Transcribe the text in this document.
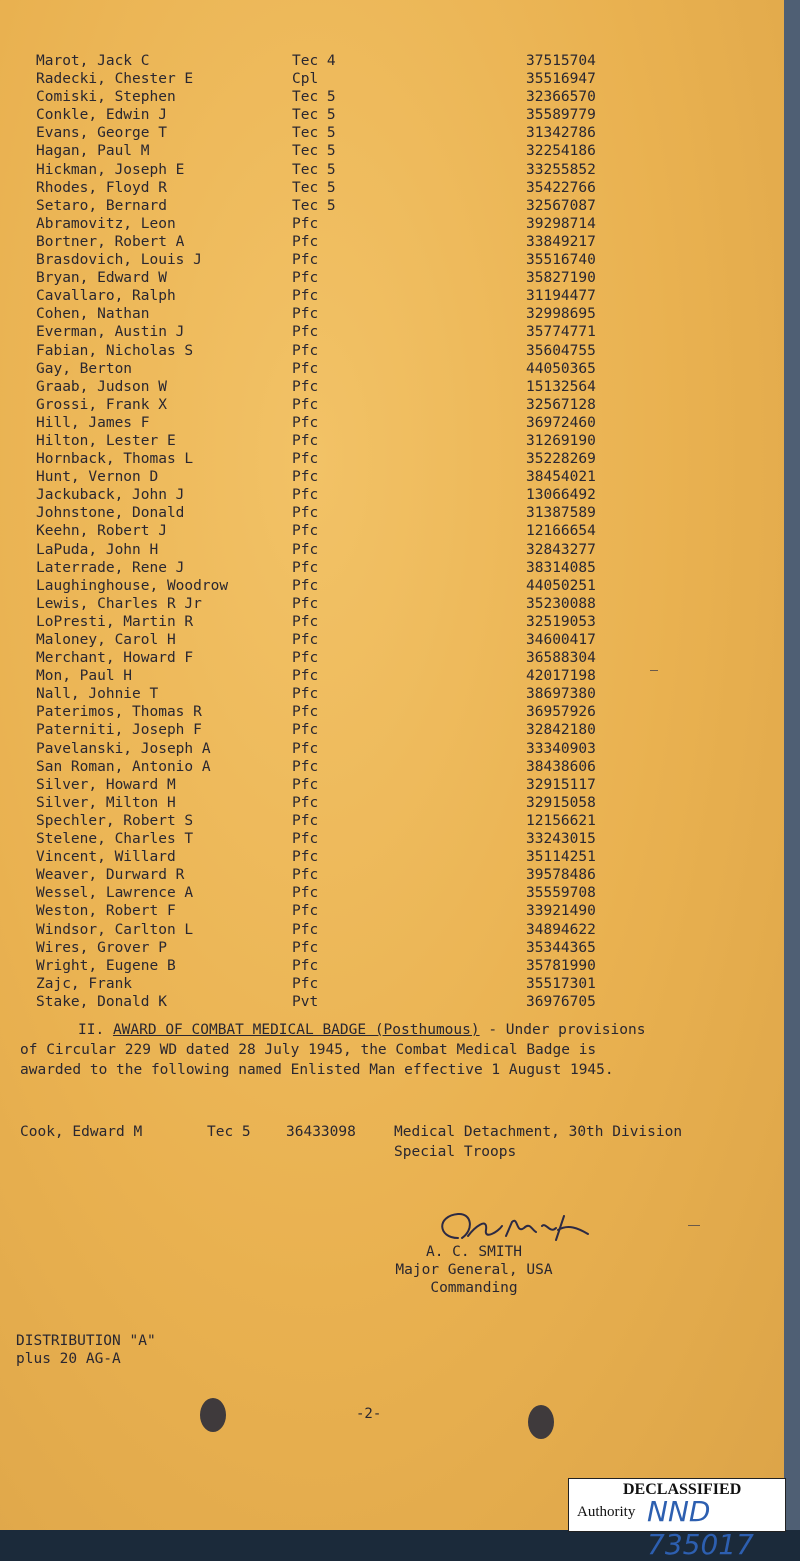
Marot, Jack C	Tec 4	37515704
Radecki, Chester E	Cpl	35516947
Comiski, Stephen	Tec 5	32366570
Conkle, Edwin J	Tec 5	35589779
Evans, George T	Tec 5	31342786
Hagan, Paul M	Tec 5	32254186
Hickman, Joseph E	Tec 5	33255852
Rhodes, Floyd R	Tec 5	35422766
Setaro, Bernard	Tec 5	32567087
Abramovitz, Leon	Pfc	39298714
Bortner, Robert A	Pfc	33849217
Brasdovich, Louis J	Pfc	35516740
Bryan, Edward W	Pfc	35827190
Cavallaro, Ralph	Pfc	31194477
Cohen, Nathan	Pfc	32998695
Everman, Austin J	Pfc	35774771
Fabian, Nicholas S	Pfc	35604755
Gay, Berton	Pfc	44050365
Graab, Judson W	Pfc	15132564
Grossi, Frank X	Pfc	32567128
Hill, James F	Pfc	36972460
Hilton, Lester E	Pfc	31269190
Hornback, Thomas L	Pfc	35228269
Hunt, Vernon D	Pfc	38454021
Jackuback, John J	Pfc	13066492
Johnstone, Donald	Pfc	31387589
Keehn, Robert J	Pfc	12166654
LaPuda, John H	Pfc	32843277
Laterrade, Rene J	Pfc	38314085
Laughinghouse, Woodrow	Pfc	44050251
Lewis, Charles R Jr	Pfc	35230088
LoPresti, Martin R	Pfc	32519053
Maloney, Carol H	Pfc	34600417
Merchant, Howard F	Pfc	36588304
Mon, Paul H	Pfc	42017198
Nall, Johnie T	Pfc	38697380
Paterimos, Thomas R	Pfc	36957926
Paterniti, Joseph F	Pfc	32842180
Pavelanski, Joseph A	Pfc	33340903
San Roman, Antonio A	Pfc	38438606
Silver, Howard M	Pfc	32915117
Silver, Milton H	Pfc	32915058
Spechler, Robert S	Pfc	12156621
Stelene, Charles T	Pfc	33243015
Vincent, Willard	Pfc	35114251
Weaver, Durward R	Pfc	39578486
Wessel, Lawrence A	Pfc	35559708
Weston, Robert F	Pfc	33921490
Windsor, Carlton L	Pfc	34894622
Wires, Grover P	Pfc	35344365
Wright, Eugene B	Pfc	35781990
Zajc, Frank	Pfc	35517301
Stake, Donald K	Pvt	36976705
II. AWARD OF COMBAT MEDICAL BADGE (Posthumous) - Under provisions
of Circular 229 WD dated 28 July 1945, the Combat Medical Badge is
awarded to the following named Enlisted Man effective 1 August 1945.
Cook, Edward M	Tec 5 36433098	Medical Detachment, 30th Division
Special Troops
A. C. SMITH
Major General, USA
Commanding
DISTRIBUTION "A"
plus 20 AG-A
-2-
DECLASSIFIED
Authority NND 735017
